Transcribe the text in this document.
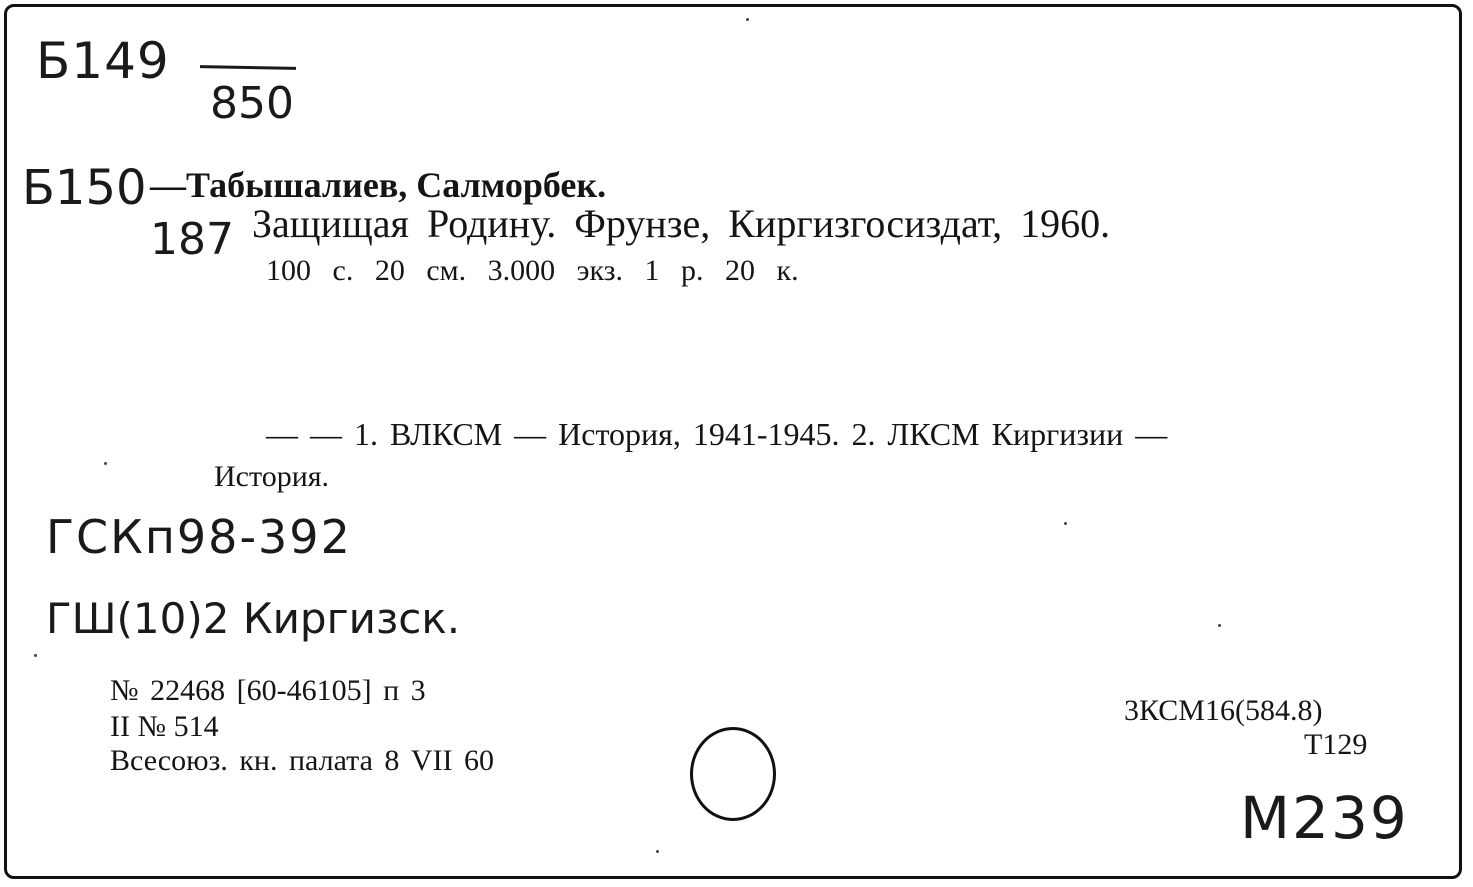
Б149
850
Б150
187
—Табышалиев, Салморбек.
Защищая Родину. Фрунзе, Киргизгосиздат, 1960.
100 с. 20 см. 3.000 экз. 1 р. 20 к.
— — 1. ВЛКСМ — История, 1941-1945. 2. ЛКСМ Киргизии —
История.
ГСКп98-392
ГШ(10)2 Киргизск.
№ 22468 [60-46105] п 3
II № 514
Всесоюз. кн. палата 8 VII 60
3КСМ16(584.8)
Т129
M239
